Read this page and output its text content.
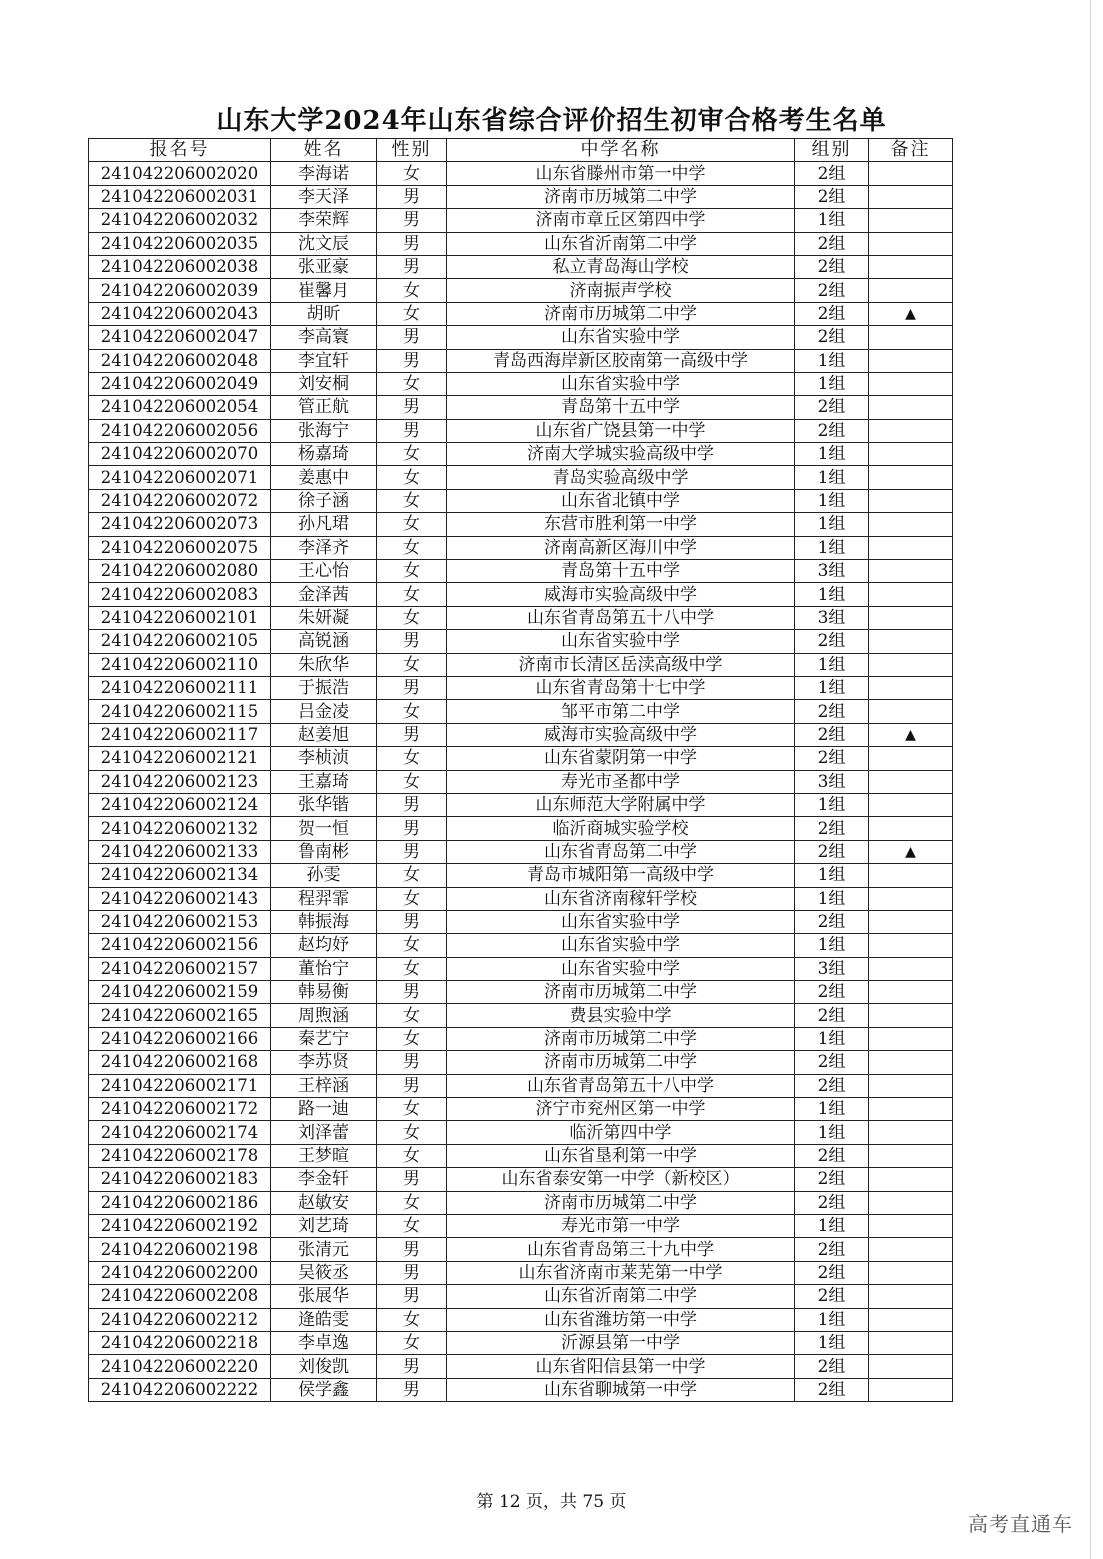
山东大学2024年山东省综合评价招生初审合格考生名单
报名号	姓名	性别	中学名称	组别	备注
241042206002020	李海诺	女	山东省滕州市第一中学	2组	
241042206002031	李天泽	男	济南市历城第二中学	2组	
241042206002032	李荣辉	男	济南市章丘区第四中学	1组	
241042206002035	沈文辰	男	山东省沂南第二中学	2组	
241042206002038	张亚豪	男	私立青岛海山学校	2组	
241042206002039	崔馨月	女	济南振声学校	2组	
241042206002043	胡昕	女	济南市历城第二中学	2组	▲
241042206002047	李高寰	男	山东省实验中学	2组	
241042206002048	李宜轩	男	青岛西海岸新区胶南第一高级中学	1组	
241042206002049	刘安桐	女	山东省实验中学	1组	
241042206002054	管正航	男	青岛第十五中学	2组	
241042206002056	张海宁	男	山东省广饶县第一中学	2组	
241042206002070	杨嘉琦	女	济南大学城实验高级中学	1组	
241042206002071	姜惠中	女	青岛实验高级中学	1组	
241042206002072	徐子涵	女	山东省北镇中学	1组	
241042206002073	孙凡珺	女	东营市胜利第一中学	1组	
241042206002075	李泽齐	女	济南高新区海川中学	1组	
241042206002080	王心怡	女	青岛第十五中学	3组	
241042206002083	金泽茜	女	威海市实验高级中学	1组	
241042206002101	朱妍凝	女	山东省青岛第五十八中学	3组	
241042206002105	高锐涵	男	山东省实验中学	2组	
241042206002110	朱欣华	女	济南市长清区岳渎高级中学	1组	
241042206002111	于振浩	男	山东省青岛第十七中学	1组	
241042206002115	吕金凌	女	邹平市第二中学	2组	
241042206002117	赵姜旭	男	威海市实验高级中学	2组	▲
241042206002121	李桢浈	女	山东省蒙阴第一中学	2组	
241042206002123	王嘉琦	女	寿光市圣都中学	3组	
241042206002124	张华锴	男	山东师范大学附属中学	1组	
241042206002132	贺一恒	男	临沂商城实验学校	2组	
241042206002133	鲁南彬	男	山东省青岛第二中学	2组	▲
241042206002134	孙雯	女	青岛市城阳第一高级中学	1组	
241042206002143	程羿霏	女	山东省济南稼轩学校	1组	
241042206002153	韩振海	男	山东省实验中学	2组	
241042206002156	赵均妤	女	山东省实验中学	1组	
241042206002157	董怡宁	女	山东省实验中学	3组	
241042206002159	韩易衡	男	济南市历城第二中学	2组	
241042206002165	周煦涵	女	费县实验中学	2组	
241042206002166	秦艺宁	女	济南市历城第二中学	1组	
241042206002168	李苏贤	男	济南市历城第二中学	2组	
241042206002171	王梓涵	男	山东省青岛第五十八中学	2组	
241042206002172	路一迪	女	济宁市兖州区第一中学	1组	
241042206002174	刘泽蕾	女	临沂第四中学	1组	
241042206002178	王梦暄	女	山东省垦利第一中学	2组	
241042206002183	李金轩	男	山东省泰安第一中学（新校区）	2组	
241042206002186	赵敏安	女	济南市历城第二中学	2组	
241042206002192	刘艺琦	女	寿光市第一中学	1组	
241042206002198	张清元	男	山东省青岛第三十九中学	2组	
241042206002200	吴筱丞	男	山东省济南市莱芜第一中学	2组	
241042206002208	张展华	男	山东省沂南第二中学	2组	
241042206002212	逄皓雯	女	山东省潍坊第一中学	1组	
241042206002218	李卓逸	女	沂源县第一中学	1组	
241042206002220	刘俊凯	男	山东省阳信县第一中学	2组	
241042206002222	侯学鑫	男	山东省聊城第一中学	2组	
第 12 页，共 75 页
高考直通车
